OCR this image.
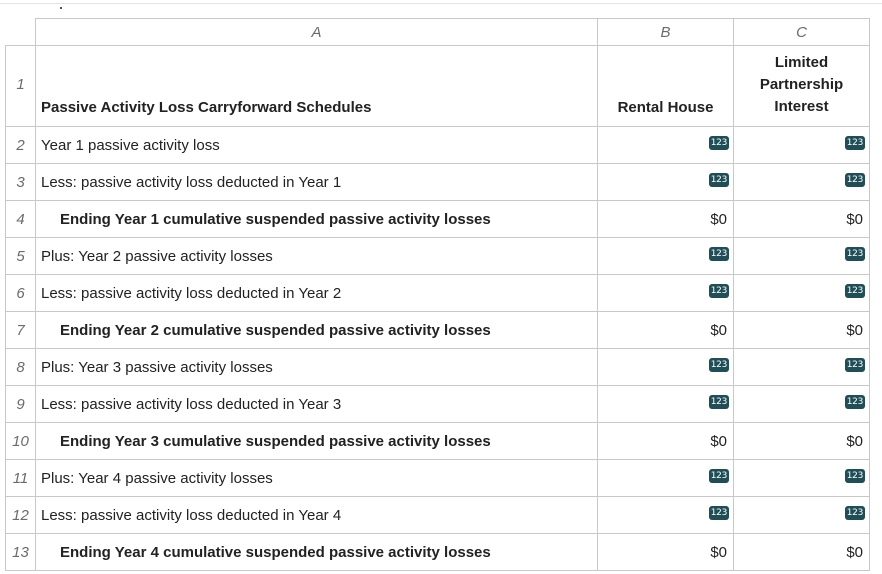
	A	B	C
1	Passive Activity Loss Carryforward Schedules	Rental House	Limited Partnership Interest
2	Year 1 passive activity loss	123	123
3	Less: passive activity loss deducted in Year 1	123	123
4	Ending Year 1 cumulative suspended passive activity losses	$0	$0
5	Plus: Year 2 passive activity losses	123	123
6	Less: passive activity loss deducted in Year 2	123	123
7	Ending Year 2 cumulative suspended passive activity losses	$0	$0
8	Plus: Year 3 passive activity losses	123	123
9	Less: passive activity loss deducted in Year 3	123	123
10	Ending Year 3 cumulative suspended passive activity losses	$0	$0
11	Plus: Year 4 passive activity losses	123	123
12	Less: passive activity loss deducted in Year 4	123	123
13	Ending Year 4 cumulative suspended passive activity losses	$0	$0
